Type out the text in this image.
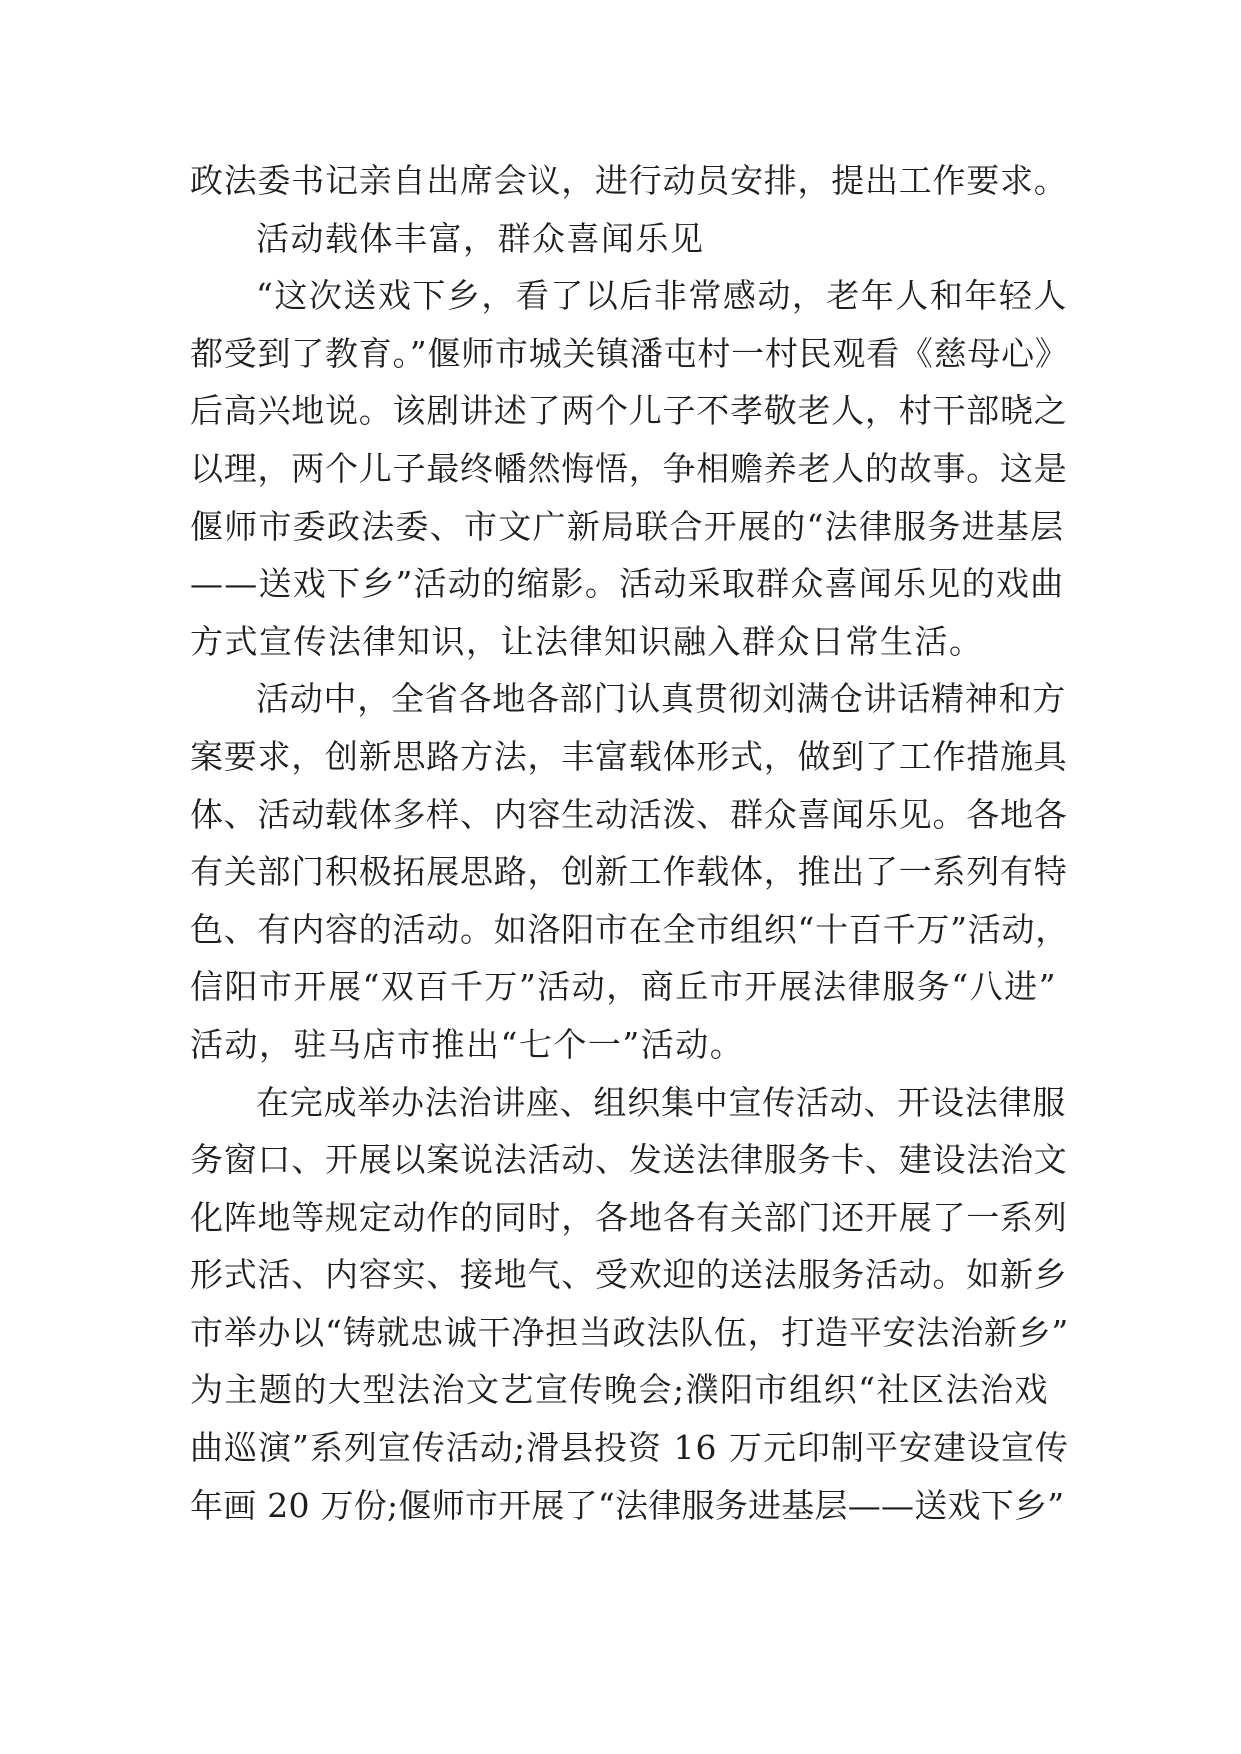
政法委书记亲自出席会议，进行动员安排，提出工作要求。
活动载体丰富，群众喜闻乐见
“这次送戏下乡，看了以后非常感动，老年人和年轻人
都受到了教育。”偃师市城关镇潘屯村一村民观看《慈母心》
后高兴地说。该剧讲述了两个儿子不孝敬老人，村干部晓之
以理，两个儿子最终幡然悔悟，争相赡养老人的故事。这是
偃师市委政法委、市文广新局联合开展的“法律服务进基层
——送戏下乡”活动的缩影。活动采取群众喜闻乐见的戏曲
方式宣传法律知识，让法律知识融入群众日常生活。
活动中，全省各地各部门认真贯彻刘满仓讲话精神和方
案要求，创新思路方法，丰富载体形式，做到了工作措施具
体、活动载体多样、内容生动活泼、群众喜闻乐见。各地各
有关部门积极拓展思路，创新工作载体，推出了一系列有特
色、有内容的活动。如洛阳市在全市组织“十百千万”活动，
信阳市开展“双百千万”活动，商丘市开展法律服务“八进”
活动，驻马店市推出“七个一”活动。
在完成举办法治讲座、组织集中宣传活动、开设法律服
务窗口、开展以案说法活动、发送法律服务卡、建设法治文
化阵地等规定动作的同时，各地各有关部门还开展了一系列
形式活、内容实、接地气、受欢迎的送法服务活动。如新乡
市举办以“铸就忠诚干净担当政法队伍，打造平安法治新乡”
为主题的大型法治文艺宣传晚会;濮阳市组织“社区法治戏
曲巡演”系列宣传活动;滑县投资 16 万元印制平安建设宣传
年画 20 万份;偃师市开展了“法律服务进基层——送戏下乡”
